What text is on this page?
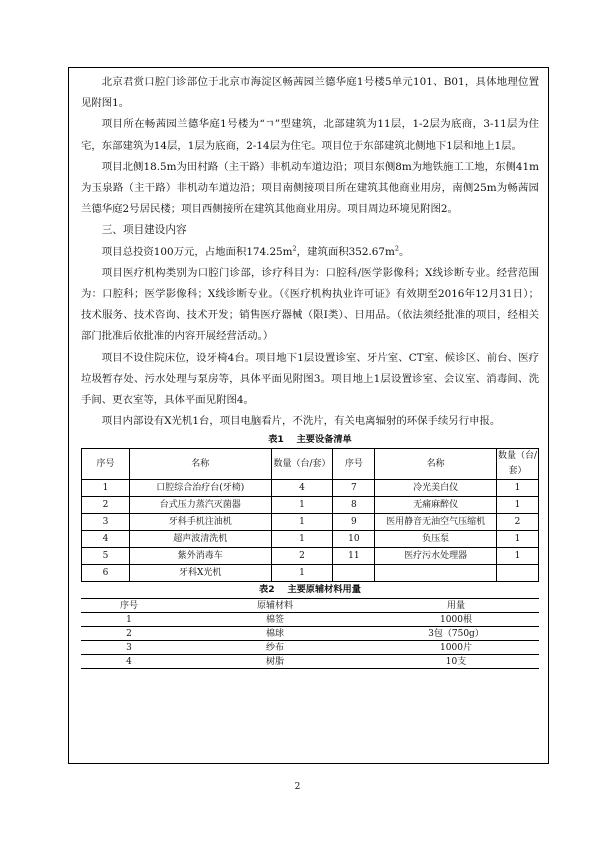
北京君赏口腔门诊部位于北京市海淀区畅茜园兰德华庭1号楼5单元101、B01，具体地理位置见附图1。

项目所在畅茜园兰德华庭1号楼为“ㄱ”型建筑，北部建筑为11层，1-2层为底商，3-11层为住宅，东部建筑为14层，1层为底商，2-14层为住宅。项目位于东部建筑北侧地下1层和地上1层。

项目北侧18.5m为田村路（主干路）非机动车道边沿；项目东侧8m为地铁施工工地，东侧41m为玉泉路（主干路）非机动车道边沿；项目南侧接项目所在建筑其他商业用房，南侧25m为畅茜园兰德华庭2号居民楼；项目西侧接所在建筑其他商业用房。项目周边环境见附图2。

三、项目建设内容

项目总投资100万元，占地面积$174.25m^2$，建筑面积$352.67m^2$。

项目医疗机构类别为口腔门诊部，诊疗科目为：口腔科/医学影像科；X线诊断专业。经营范围为：口腔科；医学影像科；X线诊断专业。（《医疗机构执业许可证》有效期至2016年12月31日）；技术服务、技术咨询、技术开发；销售医疗器械（限I类）、日用品。（依法须经批准的项目，经相关部门批准后依批准的内容开展经营活动。）

项目不设住院床位，设牙椅4台。项目地下1层设置诊室、牙片室、CT室、候诊区、前台、医疗垃圾暂存处、污水处理与泵房等，具体平面见附图3。项目地上1层设置诊室、会议室、消毒间、洗手间、更衣室等，具体平面见附图4。

项目内部设有X光机1台，项目电脑看片，不洗片，有关电离辐射的环保手续另行申报。

表1 主要设备清单

序号	名称	数量（台/套）	序号	名称	数量（台/套）
1	口腔综合治疗台(牙椅)	4	7	冷光美白仪	1
2	台式压力蒸汽灭菌器	1	8	无痛麻醉仪	1
3	牙科手机注油机	1	9	医用静音无油空气压缩机	2
4	超声波清洗机	1	10	负压泵	1
5	紫外消毒车	2	11	医疗污水处理器	1
6	牙科X光机	1			

表2 主要原辅材料用量

序号	原辅材料	用量
1	棉签	1000根
2	棉球	3包（750g）
3	纱布	1000片
4	树脂	10支
2
